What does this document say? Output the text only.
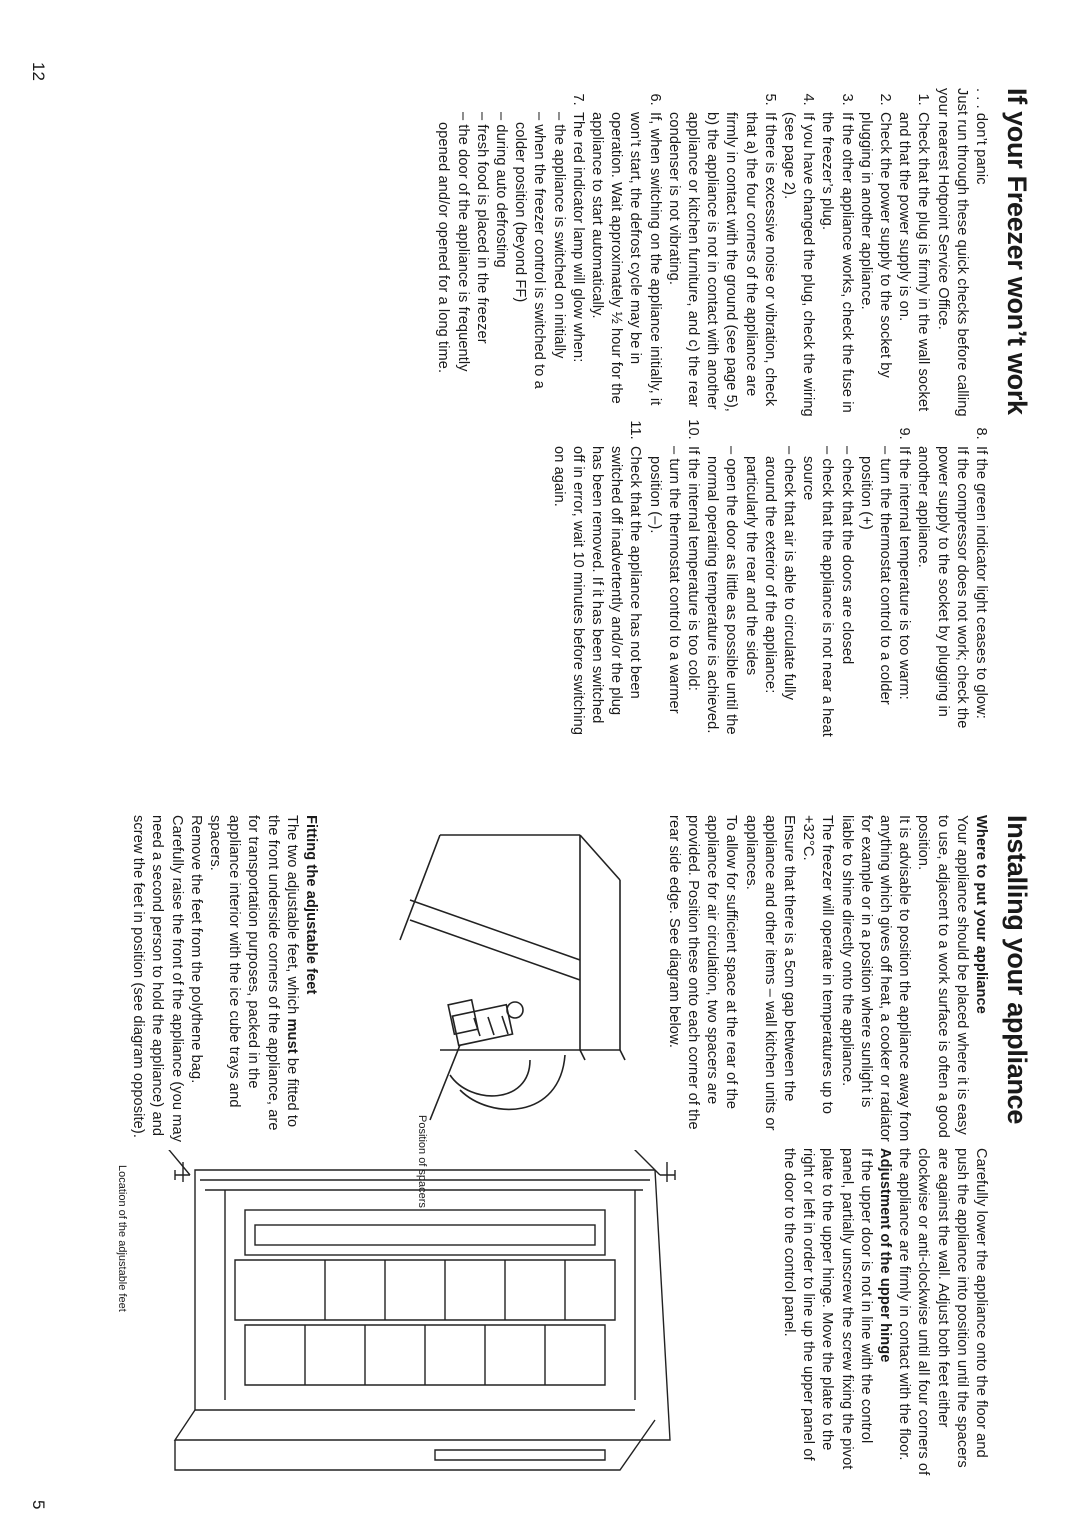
12
If your Freezer won’t work

. . . don’t panic

Just run through these quick checks before calling your nearest Hotpoint Service Office.

1. Check that the plug is firmly in the wall socket and that the power supply is on.
2. Check the power supply to the socket by plugging in another appliance.
3. If the other appliance works, check the fuse in the freezer’s plug.
4. If you have changed the plug, check the wiring (see page 2).
5. If there is excessive noise or vibration, check that a) the four corners of the appliance are firmly in contact with the ground (see page 5), b) the appliance is not in contact with another appliance or kitchen furniture, and c) the rear condenser is not vibrating.
6. If, when switching on the appliance initially, it won’t start, the defrost cycle may be in operation. Wait approximately ½ hour for the appliance to start automatically.
7. The red indicator lamp will glow when:
– the appliance is switched on initially
– when the freezer control is switched to a colder position (beyond FF)
– during auto defrosting
– fresh food is placed in the freezer
– the door of the appliance is frequently opened and/or opened for a long time.
8. If the green indicator light ceases to glow:
If the compressor does not work; check the power supply to the socket by plugging in another appliance.
9. If the internal temperature is too warm:
– turn the thermostat control to a colder position (+)
– check that the doors are closed
– check that the appliance is not near a heat source
– check that air is able to circulate fully around the exterior of the appliance: particularly the rear and the sides
– open the door as little as possible until the normal operating temperature is achieved.
10. If the internal temperature is too cold:
– turn the thermostat control to a warmer position (–).
11. Check that the appliance has not been switched off inadvertently and/or the plug has been removed. If it has been switched off in error, wait 10 minutes before switching on again.
Installing your appliance
Where to put your appliance

Your appliance should be placed where it is easy to use, adjacent to a work surface is often a good position.

It is advisable to position the appliance away from anything which gives off heat, a cooker or radiator for example or in a position where sunlight is liable to shine directly onto the appliance.

The freezer will operate in temperatures up to +32°C.

Ensure that there is a 5cm gap between the appliance and other items – wall kitchen units or appliances.

To allow for sufficient space at the rear of the appliance for air circulation, two spacers are provided. Position these onto each corner of the rear side edge. See diagram below.

Position of spacers
Fitting the adjustable feet

The two adjustable feet, which must be fitted to the front underside corners of the appliance, are for transportation purposes, packed in the appliance interior with the ice cube trays and spacers.

Remove the feet from the polythene bag.

Carefully raise the front of the appliance (you may need a second person to hold the appliance) and screw the feet in position (see diagram opposite).

Carefully lower the appliance onto the floor and push the appliance into position until the spacers are against the wall. Adjust both feet either clockwise or anti-clockwise until all four corners of the appliance are firmly in contact with the floor.

Adjustment of the upper hinge

If the upper door is not in line with the control panel, partially unscrew the screw fixing the pivot plate to the upper hinge. Move the plate to the right or left in order to line up the upper panel of the door to the control panel.

Location of the adjustable feet
5
